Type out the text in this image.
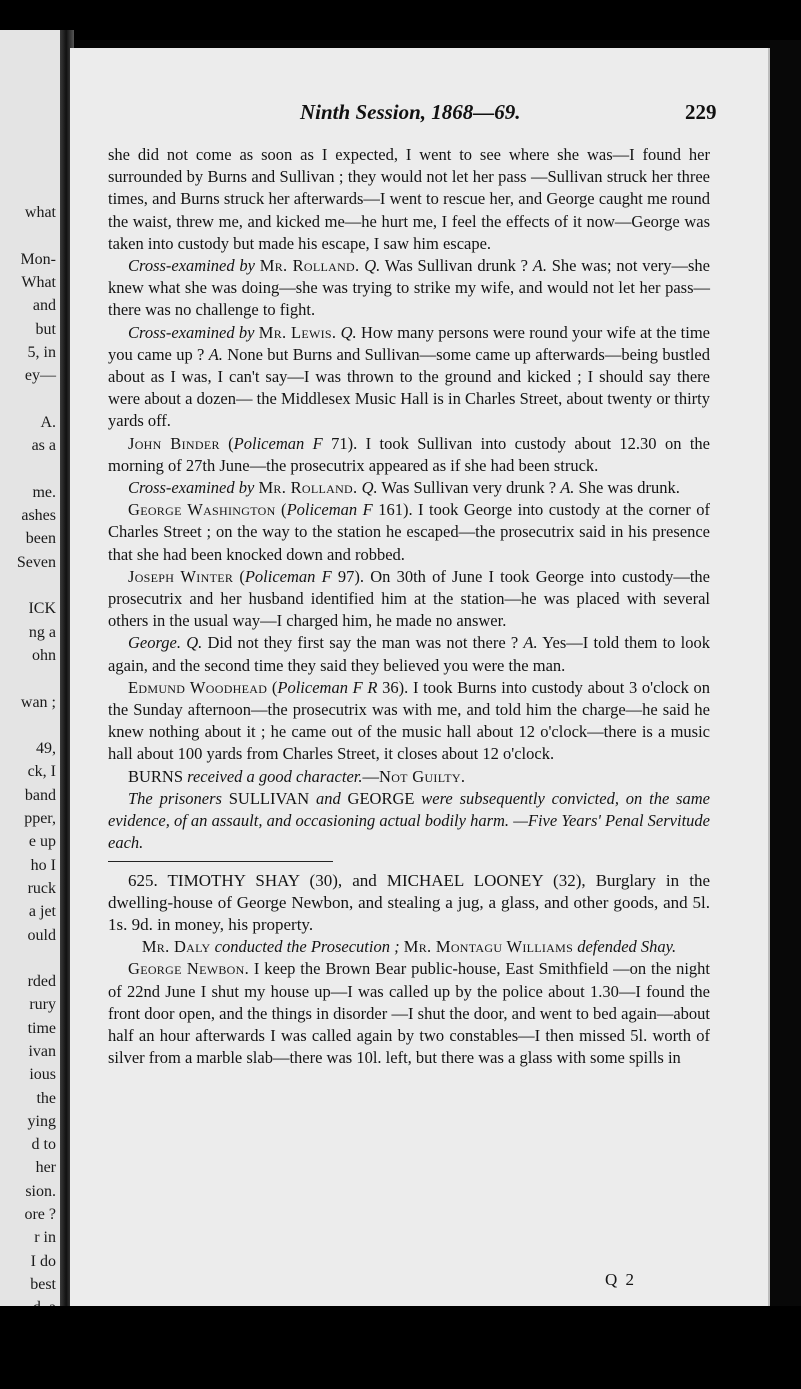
what
Mon-
What
and
but
5, in
ey—
A.
as a
me.
ashes
been
Seven
ICK
ng a
ohn
wan ;
49,
ck, I
band
pper,
e up
ho I
ruck
a jet
ould
rded
rury
time
ivan
ious
the
ying
d to
her
sion.
ore ?
r in
I do
best
Ninth Session, 1868—69.	229

she did not come as soon as I expected, I went to see where she was—I found her surrounded by Burns and Sullivan ; they would not let her pass —Sullivan struck her three times, and Burns struck her afterwards—I went to rescue her, and George caught me round the waist, threw me, and kicked me—he hurt me, I feel the effects of it now—George was taken into custody but made his escape, I saw him escape.

Cross-examined by Mr. Rolland. Q. Was Sullivan drunk ? A. She was; not very—she knew what she was doing—she was trying to strike my wife, and would not let her pass—there was no challenge to fight.

Cross-examined by Mr. Lewis. Q. How many persons were round your wife at the time you came up ? A. None but Burns and Sullivan—some came up afterwards—being bustled about as I was, I can't say—I was thrown to the ground and kicked ; I should say there were about a dozen— the Middlesex Music Hall is in Charles Street, about twenty or thirty yards off.

John Binder (Policeman F 71). I took Sullivan into custody about 12.30 on the morning of 27th June—the prosecutrix appeared as if she had been struck.

Cross-examined by Mr. Rolland. Q. Was Sullivan very drunk ? A. She was drunk.

George Washington (Policeman F 161). I took George into custody at the corner of Charles Street ; on the way to the station he escaped—the prosecutrix said in his presence that she had been knocked down and robbed.

Joseph Winter (Policeman F 97). On 30th of June I took George into custody—the prosecutrix and her husband identified him at the station—he was placed with several others in the usual way—I charged him, he made no answer.

George. Q. Did not they first say the man was not there ? A. Yes—I told them to look again, and the second time they said they believed you were the man.

Edmund Woodhead (Policeman F R 36). I took Burns into custody about 3 o'clock on the Sunday afternoon—the prosecutrix was with me, and told him the charge—he said he knew nothing about it ; he came out of the music hall about 12 o'clock—there is a music hall about 100 yards from Charles Street, it closes about 12 o'clock.

BURNS received a good character.—Not Guilty.

The prisoners SULLIVAN and GEORGE were subsequently convicted, on the same evidence, of an assault, and occasioning actual bodily harm. —Five Years' Penal Servitude each.

625. TIMOTHY SHAY (30), and MICHAEL LOONEY (32), Burglary in the dwelling-house of George Newbon, and stealing a jug, a glass, and other goods, and 5l. 1s. 9d. in money, his property.

Mr. Daly conducted the Prosecution ; Mr. Montagu Williams defended Shay.

George Newbon. I keep the Brown Bear public-house, East Smithfield —on the night of 22nd June I shut my house up—I was called up by the police about 1.30—I found the front door open, and the things in disorder —I shut the door, and went to bed again—about half an hour afterwards I was called again by two constables—I then missed 5l. worth of silver from a marble slab—there was 10l. left, but there was a glass with some spills in

Q 2
